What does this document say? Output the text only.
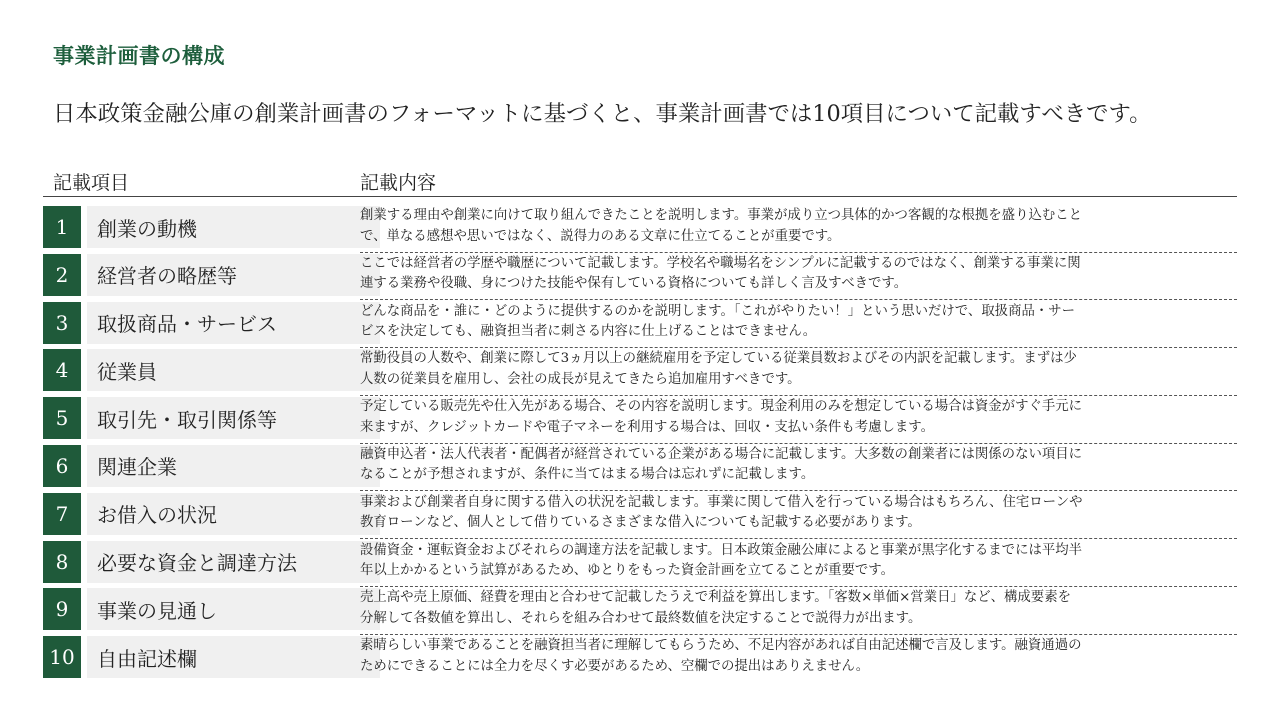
事業計画書の構成
日本政策金融公庫の創業計画書のフォーマットに基づくと、事業計画書では10項目について記載すべきです。
記載項目	記載内容
1	創業の動機
創業する理由や創業に向けて取り組んできたことを説明します。事業が成り立つ具体的かつ客観的な根拠を盛り込むこと
で、単なる感想や思いではなく、説得力のある文章に仕立てることが重要です。
2	経営者の略歴等
ここでは経営者の学歴や職歴について記載します。学校名や職場名をシンプルに記載するのではなく、創業する事業に関
連する業務や役職、身につけた技能や保有している資格についても詳しく言及すべきです。
3	取扱商品・サービス
どんな商品を・誰に・どのように提供するのかを説明します。「これがやりたい！」という思いだけで、取扱商品・サー
ビスを決定しても、融資担当者に刺さる内容に仕上げることはできません。
4	従業員
常勤役員の人数や、創業に際して3ヵ月以上の継続雇用を予定している従業員数およびその内訳を記載します。まずは少
人数の従業員を雇用し、会社の成長が見えてきたら追加雇用すべきです。
5	取引先・取引関係等
予定している販売先や仕入先がある場合、その内容を説明します。現金利用のみを想定している場合は資金がすぐ手元に
来ますが、クレジットカードや電子マネーを利用する場合は、回収・支払い条件も考慮します。
6	関連企業
融資申込者・法人代表者・配偶者が経営されている企業がある場合に記載します。大多数の創業者には関係のない項目に
なることが予想されますが、条件に当てはまる場合は忘れずに記載します。
7	お借入の状況
事業および創業者自身に関する借入の状況を記載します。事業に関して借入を行っている場合はもちろん、住宅ローンや
教育ローンなど、個人として借りているさまざまな借入についても記載する必要があります。
8	必要な資金と調達方法
設備資金・運転資金およびそれらの調達方法を記載します。日本政策金融公庫によると事業が黒字化するまでには平均半
年以上かかるという試算があるため、ゆとりをもった資金計画を立てることが重要です。
9	事業の見通し
売上高や売上原価、経費を理由と合わせて記載したうえで利益を算出します。「客数×単価×営業日」など、構成要素を
分解して各数値を算出し、それらを組み合わせて最終数値を決定することで説得力が出ます。
10	自由記述欄
素晴らしい事業であることを融資担当者に理解してもらうため、不足内容があれば自由記述欄で言及します。融資通過の
ためにできることには全力を尽くす必要があるため、空欄での提出はありえません。
